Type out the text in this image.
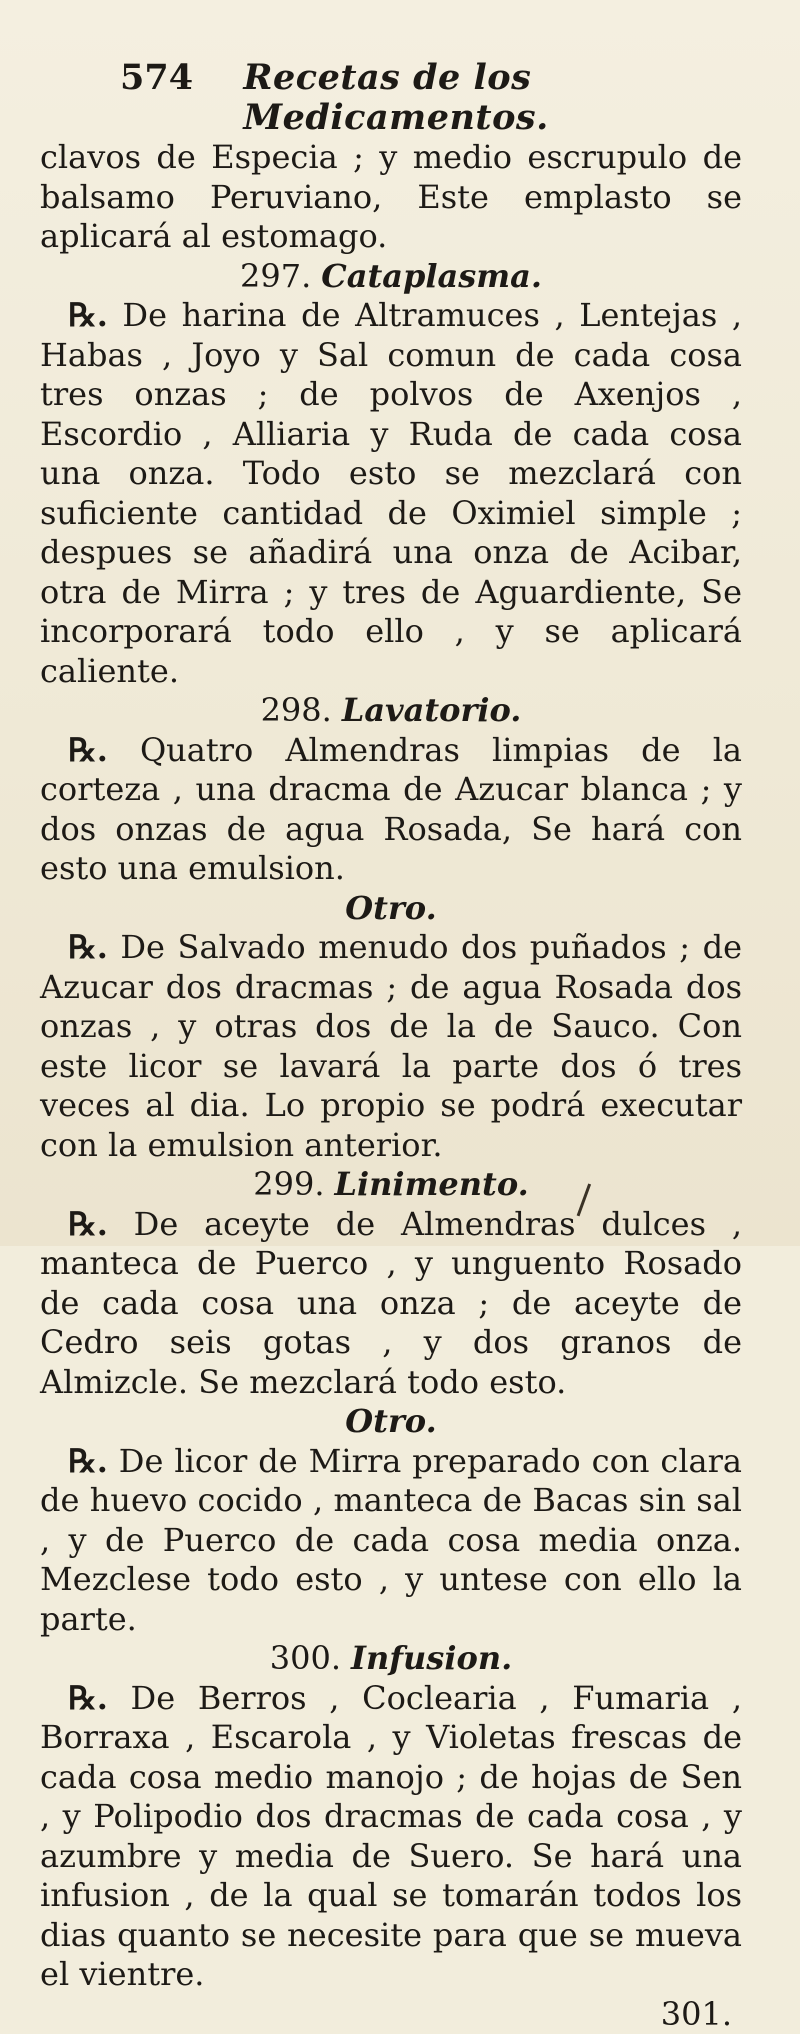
574	Recetas de los Medicamentos.

clavos de Especia ; y medio escrupulo de balsamo Peruviano, Este emplasto se aplicará al estomago.

297. Cataplasma.

℞. De harina de Altramuces , Lentejas , Habas , Joyo y Sal comun de cada cosa tres onzas ; de polvos de Axenjos , Escordio , Alliaria y Ruda de cada cosa una onza. Todo esto se mezclará con suficiente cantidad de Oximiel simple ; despues se añadirá una onza de Acibar, otra de Mirra ; y tres de Aguardiente, Se incorporará todo ello , y se aplicará caliente.

298. Lavatorio.

℞. Quatro Almendras limpias de la corteza , una dracma de Azucar blanca ; y dos onzas de agua Rosada, Se hará con esto una emulsion.

Otro.

℞. De Salvado menudo dos puñados ; de Azucar dos dracmas ; de agua Rosada dos onzas , y otras dos de la de Sauco. Con este licor se lavará la parte dos ó tres veces al dia. Lo propio se podrá executar con la emulsion anterior.

299. Linimento.

℞. De aceyte de Almendras dulces , manteca de Puerco , y unguento Rosado de cada cosa una onza ; de aceyte de Cedro seis gotas , y dos granos de Almizcle. Se mezclará todo esto.

Otro.

℞. De licor de Mirra preparado con clara de huevo cocido , manteca de Bacas sin sal , y de Puerco de cada cosa media onza. Mezclese todo esto , y untese con ello la parte.

300. Infusion.

℞. De Berros , Coclearia , Fumaria , Borraxa , Escarola , y Violetas frescas de cada cosa medio manojo ; de hojas de Sen , y Polipodio dos dracmas de cada cosa , y azumbre y media de Suero. Se hará una infusion , de la qual se tomarán todos los dias quanto se necesite para que se mueva el vientre.

301.
